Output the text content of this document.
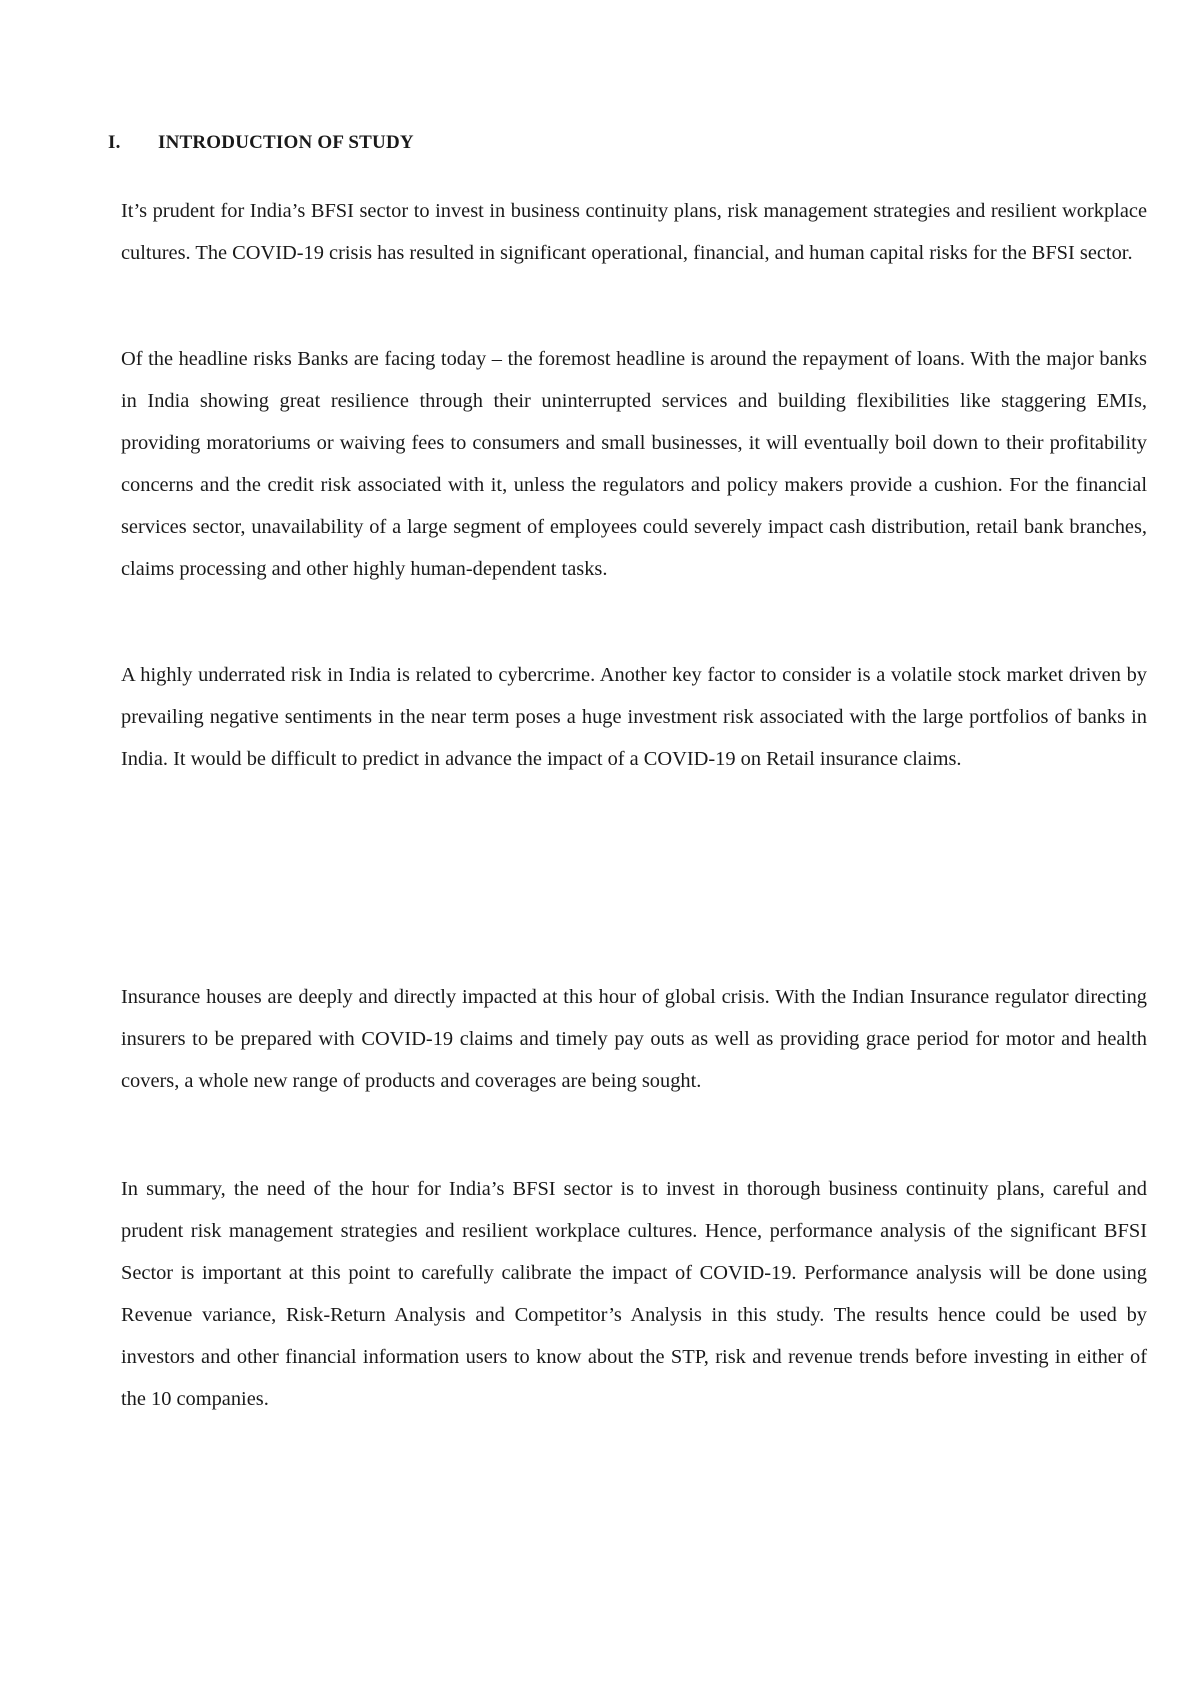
I. INTRODUCTION OF STUDY

It’s prudent for India’s BFSI sector to invest in business continuity plans, risk management strategies and resilient workplace cultures. The COVID-19 crisis has resulted in significant operational, financial, and human capital risks for the BFSI sector.

Of the headline risks Banks are facing today – the foremost headline is around the repayment of loans. With the major banks in India showing great resilience through their uninterrupted services and building flexibilities like staggering EMIs, providing moratoriums or waiving fees to consumers and small businesses, it will eventually boil down to their profitability concerns and the credit risk associated with it, unless the regulators and policy makers provide a cushion. For the financial services sector, unavailability of a large segment of employees could severely impact cash distribution, retail bank branches, claims processing and other highly human-dependent tasks.

A highly underrated risk in India is related to cybercrime. Another key factor to consider is a volatile stock market driven by prevailing negative sentiments in the near term poses a huge investment risk associated with the large portfolios of banks in India. It would be difficult to predict in advance the impact of a COVID-19 on Retail insurance claims.

Insurance houses are deeply and directly impacted at this hour of global crisis. With the Indian Insurance regulator directing insurers to be prepared with COVID-19 claims and timely pay outs as well as providing grace period for motor and health covers, a whole new range of products and coverages are being sought.

In summary, the need of the hour for India’s BFSI sector is to invest in thorough business continuity plans, careful and prudent risk management strategies and resilient workplace cultures. Hence, performance analysis of the significant BFSI Sector is important at this point to carefully calibrate the impact of COVID-19. Performance analysis will be done using Revenue variance, Risk-Return Analysis and Competitor’s Analysis in this study. The results hence could be used by investors and other financial information users to know about the STP, risk and revenue trends before investing in either of the 10 companies.
